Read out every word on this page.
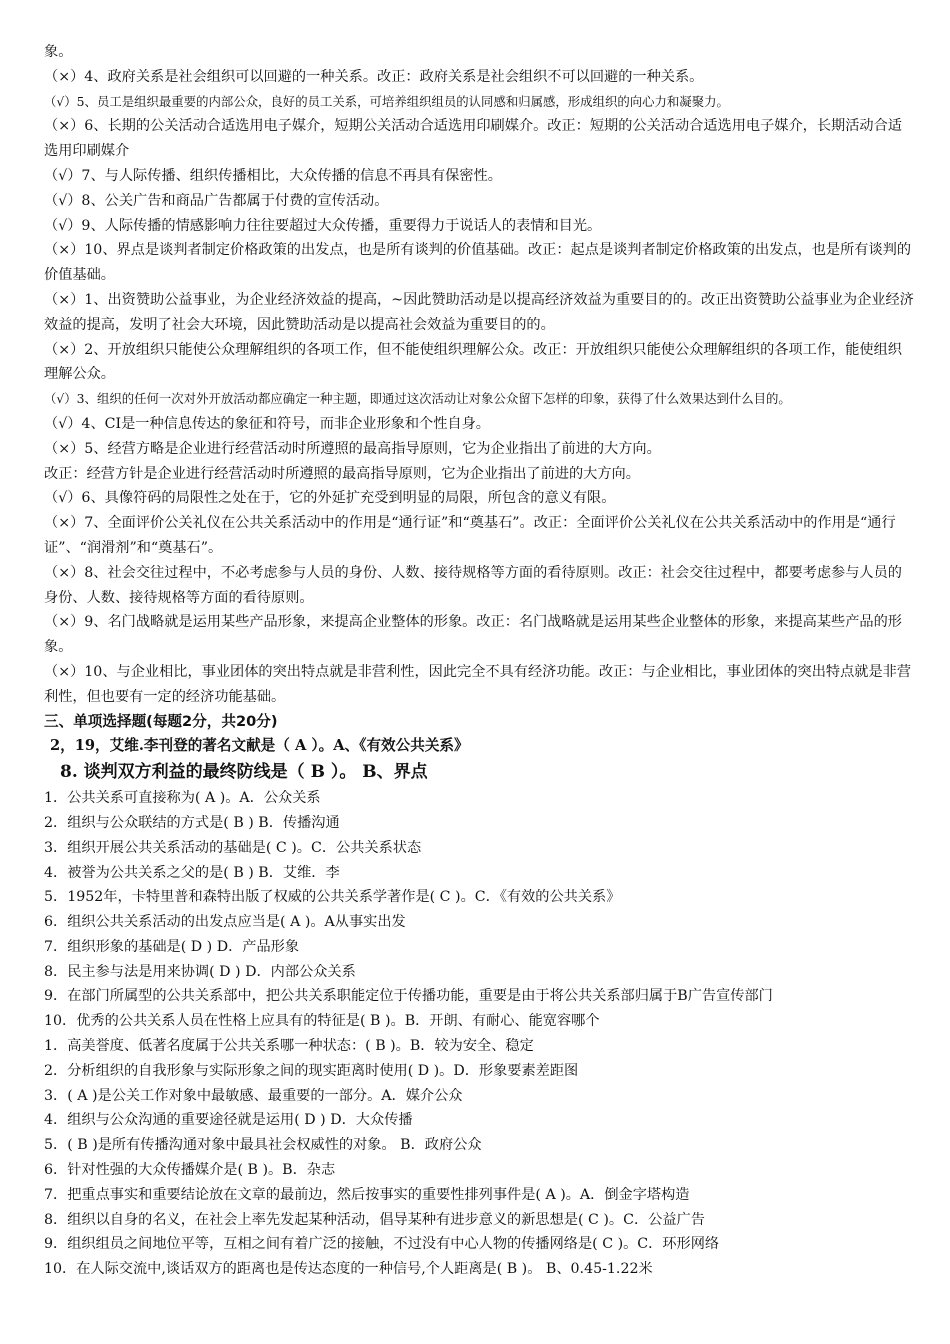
象。
（×）4、政府关系是社会组织可以回避的一种关系。改正：政府关系是社会组织不可以回避的一种关系。
（√）5、员工是组织最重要的内部公众，良好的员工关系，可培养组织组员的认同感和归属感，形成组织的向心力和凝聚力。
（×）6、长期的公关活动合适选用电子媒介，短期公关活动合适选用印刷媒介。改正：短期的公关活动合适选用电子媒介，长期活动合适选用印刷媒介
（√）7、与人际传播、组织传播相比，大众传播的信息不再具有保密性。
（√）8、公关广告和商品广告都属于付费的宣传活动。
（√）9、人际传播的情感影响力往往要超过大众传播，重要得力于说话人的表情和目光。
（×）10、界点是谈判者制定价格政策的出发点，也是所有谈判的价值基础。改正：起点是谈判者制定价格政策的出发点，也是所有谈判的价值基础。
（×）1、出资赞助公益事业，为企业经济效益的提高，~因此赞助活动是以提高经济效益为重要目的的。改正出资赞助公益事业为企业经济效益的提高，发明了社会大环境，因此赞助活动是以提高社会效益为重要目的的。
（×）2、开放组织只能使公众理解组织的各项工作，但不能使组织理解公众。改正：开放组织只能使公众理解组织的各项工作，能使组织理解公众。
（√）3、组织的任何一次对外开放活动都应确定一种主题，即通过这次活动让对象公众留下怎样的印象，获得了什么效果达到什么目的。
（√）4、CI是一种信息传达的象征和符号，而非企业形象和个性自身。
（×）5、经营方略是企业进行经营活动时所遵照的最高指导原则，它为企业指出了前进的大方向。
改正：经营方针是企业进行经营活动时所遵照的最高指导原则，它为企业指出了前进的大方向。
（√）6、具像符码的局限性之处在于，它的外延扩充受到明显的局限，所包含的意义有限。
（×）7、全面评价公关礼仪在公共关系活动中的作用是“通行证”和“奠基石”。改正：全面评价公关礼仪在公共关系活动中的作用是“通行证”、“润滑剂”和“奠基石”。
（×）8、社会交往过程中，不必考虑参与人员的身份、人数、接待规格等方面的看待原则。改正：社会交往过程中，都要考虑参与人员的身份、人数、接待规格等方面的看待原则。
（×）9、名门战略就是运用某些产品形象，来提高企业整体的形象。改正：名门战略就是运用某些企业整体的形象，来提高某些产品的形象。
（×）10、与企业相比，事业团体的突出特点就是非营利性，因此完全不具有经济功能。改正：与企业相比，事业团体的突出特点就是非营利性，但也要有一定的经济功能基础。
三、单项选择题(每题2分，共20分)
2，19，艾维.李刊登的著名文献是（ A ）。A、《有效公共关系》
8. 谈判双方利益的最终防线是（ B ）。 B、界点
1．公共关系可直接称为( A )。A．公众关系
2．组织与公众联结的方式是( B ) B．传播沟通
3．组织开展公共关系活动的基础是( C )。C．公共关系状态
4．被誉为公共关系之父的是( B ) B．艾维．李
5．1952年，卡特里普和森特出版了权威的公共关系学著作是( C )。C．《有效的公共关系》
6．组织公共关系活动的出发点应当是( A )。A从事实出发
7．组织形象的基础是( D ) D．产品形象
8．民主参与法是用来协调( D ) D．内部公众关系
9．在部门所属型的公共关系部中，把公共关系职能定位于传播功能，重要是由于将公共关系部归属于B广告宣传部门
10．优秀的公共关系人员在性格上应具有的特征是( B )。B．开朗、有耐心、能宽容哪个
1．高美誉度、低著名度属于公共关系哪一种状态：( B )。B．较为安全、稳定
2．分析组织的自我形象与实际形象之间的现实距离时使用( D )。D．形象要素差距图
3．( A )是公关工作对象中最敏感、最重要的一部分。A．媒介公众
4．组织与公众沟通的重要途径就是运用( D ) D．大众传播
5．( B )是所有传播沟通对象中最具社会权威性的对象。 B．政府公众
6．针对性强的大众传播媒介是( B )。B．杂志
7．把重点事实和重要结论放在文章的最前边，然后按事实的重要性排列事件是( A )。A．倒金字塔构造
8．组织以自身的名义，在社会上率先发起某种活动，倡导某种有进步意义的新思想是( C )。C．公益广告
9．组织组员之间地位平等，互相之间有着广泛的接触，不过没有中心人物的传播网络是( C )。C．环形网络
10．在人际交流中,谈话双方的距离也是传达态度的一种信号,个人距离是( B )。 B、0.45-1.22米
